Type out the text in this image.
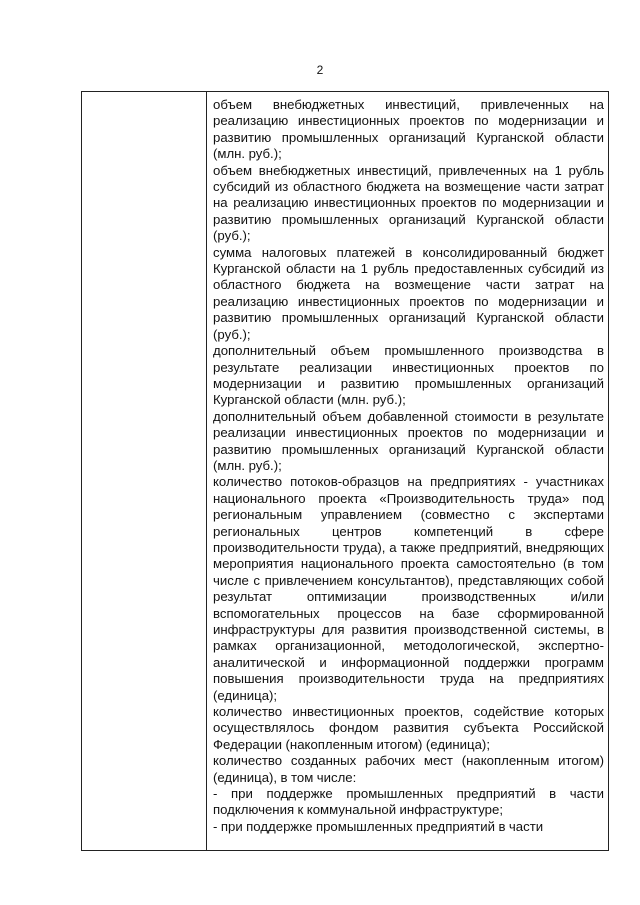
2

объем внебюджетных инвестиций, привлеченных на реализацию инвестиционных проектов по модернизации и развитию промышленных организаций Курганской области (млн. руб.);

объем внебюджетных инвестиций, привлеченных на 1 рубль субсидий из областного бюджета на возмещение части затрат на реализацию инвестиционных проектов по модернизации и развитию промышленных организаций Курганской области (руб.);

сумма налоговых платежей в консолидированный бюджет Курганской области на 1 рубль предоставленных субсидий из областного бюджета на возмещение части затрат на реализацию инвестиционных проектов по модернизации и развитию промышленных организаций Курганской области (руб.);

дополнительный объем промышленного производства в результате реализации инвестиционных проектов по модернизации и развитию промышленных организаций Курганской области (млн. руб.);

дополнительный объем добавленной стоимости в результате реализации инвестиционных проектов по модернизации и развитию промышленных организаций Курганской области (млн. руб.);

количество потоков-образцов на предприятиях - участниках национального проекта «Производительность труда» под региональным управлением (совместно с экспертами региональных центров компетенций в сфере производительности труда), а также предприятий, внедряющих мероприятия национального проекта самостоятельно (в том числе с привлечением консультантов), представляющих собой результат оптимизации производственных и/или вспомогательных процессов на базе сформированной инфраструктуры для развития производственной системы, в рамках организационной, методологической, экспертно-аналитической и информационной поддержки программ повышения производительности труда на предприятиях (единица);

количество инвестиционных проектов, содействие которых осуществлялось фондом развития субъекта Российской Федерации (накопленным итогом) (единица);

количество созданных рабочих мест (накопленным итогом) (единица), в том числе:

- при поддержке промышленных предприятий в части подключения к коммунальной инфраструктуре;

- при поддержке промышленных предприятий в части
